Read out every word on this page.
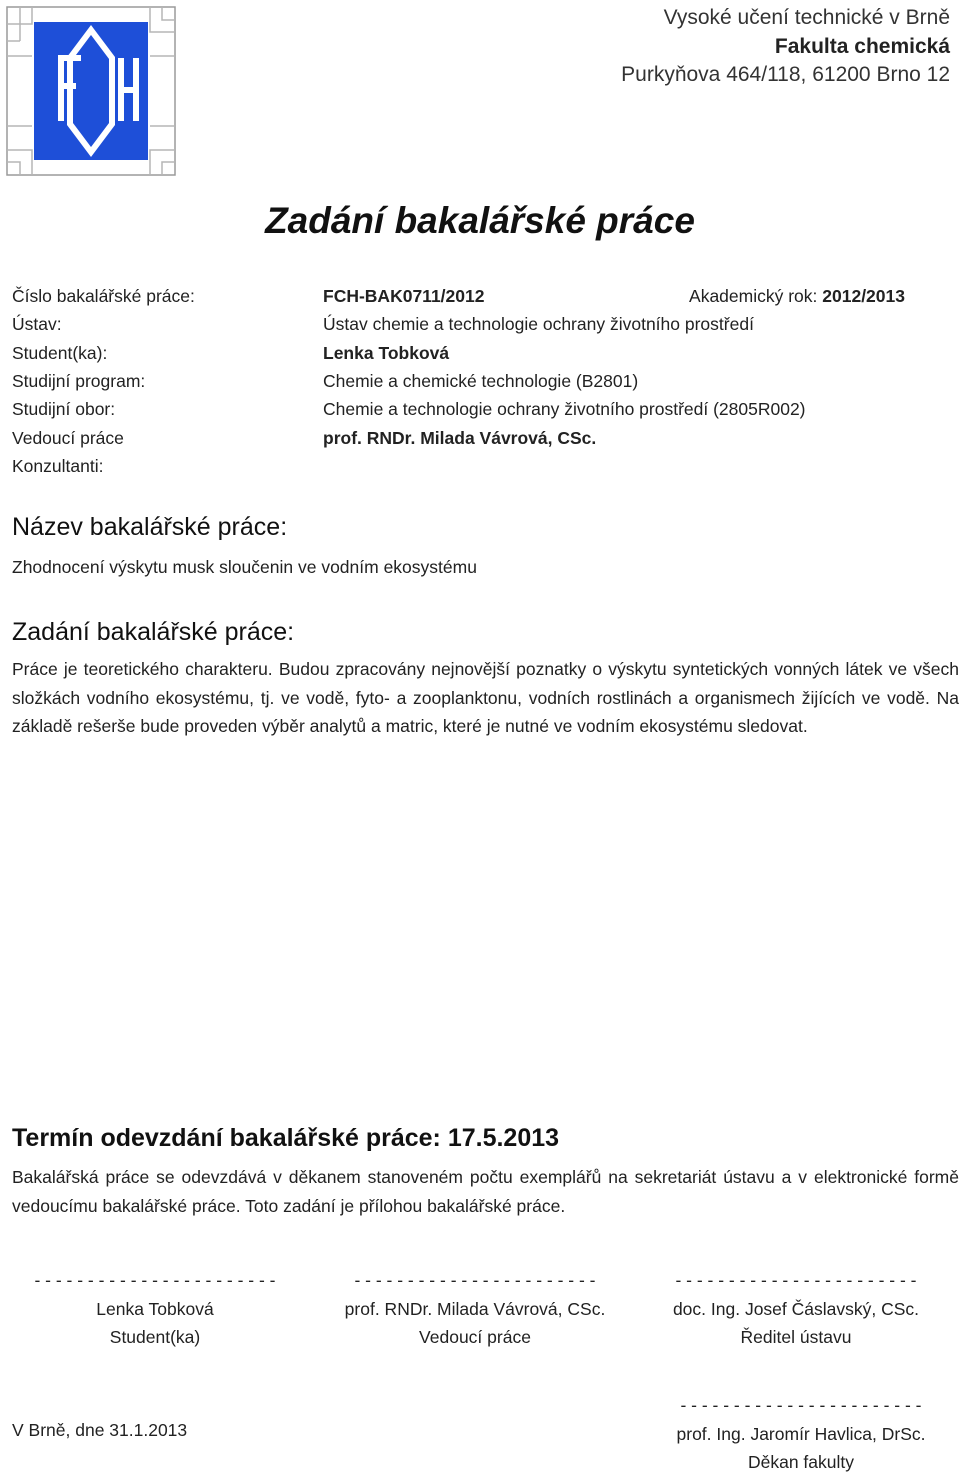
Vysoké učení technické v Brně
Fakulta chemická
Purkyňova 464/118, 61200 Brno 12
Zadání bakalářské práce
Číslo bakalářské práce:	FCH-BAK0711/2012	Akademický rok: 2012/2013
Ústav:	Ústav chemie a technologie ochrany životního prostředí
Student(ka):	Lenka Tobková
Studijní program:	Chemie a chemické technologie (B2801)
Studijní obor:	Chemie a technologie ochrany životního prostředí (2805R002)
Vedoucí práce	prof. RNDr. Milada Vávrová, CSc.
Konzultanti:
Název bakalářské práce:
Zhodnocení výskytu musk sloučenin ve vodním ekosystému
Zadání bakalářské práce:
Práce je teoretického charakteru. Budou zpracovány nejnovější poznatky o výskytu syntetických vonných látek ve všech složkách vodního ekosystému, tj. ve vodě, fyto- a zooplanktonu, vodních rostlinách a organismech žijících ve vodě. Na základě rešerše bude proveden výběr analytů a matric, které je nutné ve vodním ekosystému sledovat.
Termín odevzdání bakalářské práce: 17.5.2013
Bakalářská práce se odevzdává v děkanem stanoveném počtu exemplářů na sekretariát ústavu a v elektronické formě vedoucímu bakalářské práce. Toto zadání je přílohou bakalářské práce.
- - - - - - - - - - - - - - - - - - - - - - -
Lenka Tobková
Student(ka)
- - - - - - - - - - - - - - - - - - - - - - -
prof. RNDr. Milada Vávrová, CSc.
Vedoucí práce
- - - - - - - - - - - - - - - - - - - - - - -
doc. Ing. Josef Čáslavský, CSc.
Ředitel ústavu
V Brně, dne 31.1.2013
- - - - - - - - - - - - - - - - - - - - - - -
prof. Ing. Jaromír Havlica, DrSc.
Děkan fakulty
